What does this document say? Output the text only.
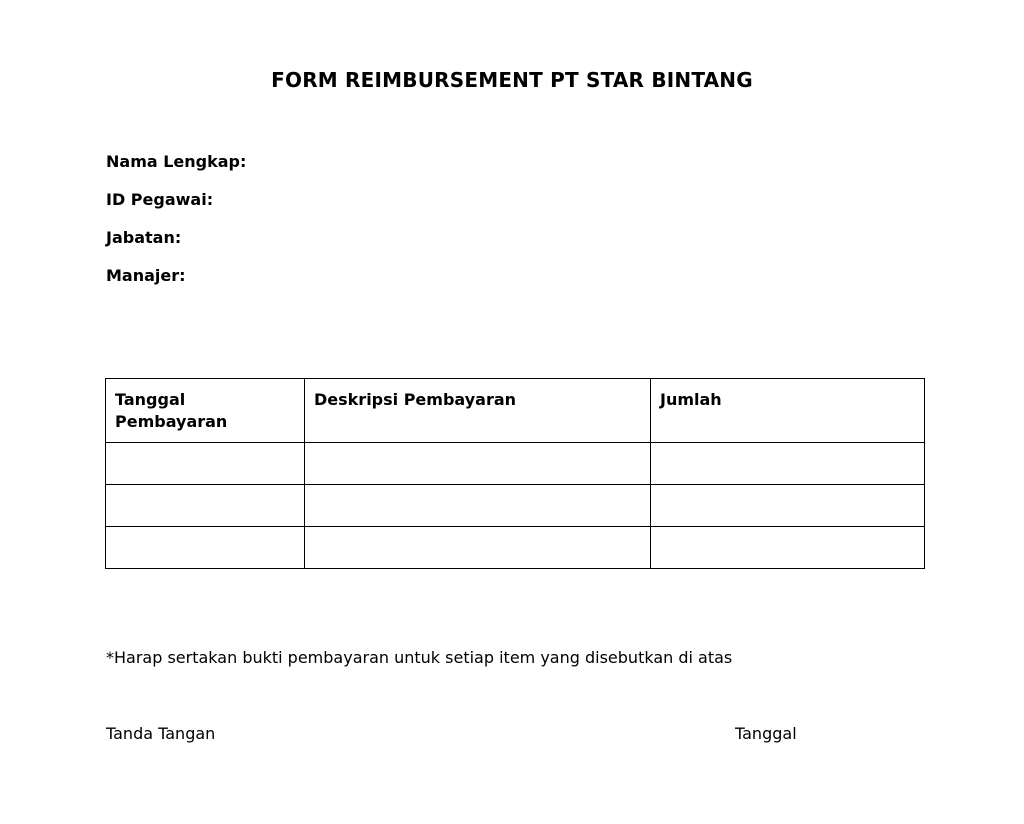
FORM REIMBURSEMENT PT STAR BINTANG
Nama Lengkap:
ID Pegawai:
Jabatan:
Manajer:
Tanggal Pembayaran	Deskripsi Pembayaran	Jumlah

*Harap sertakan bukti pembayaran untuk setiap item yang disebutkan di atas
Tanda Tangan	Tanggal
